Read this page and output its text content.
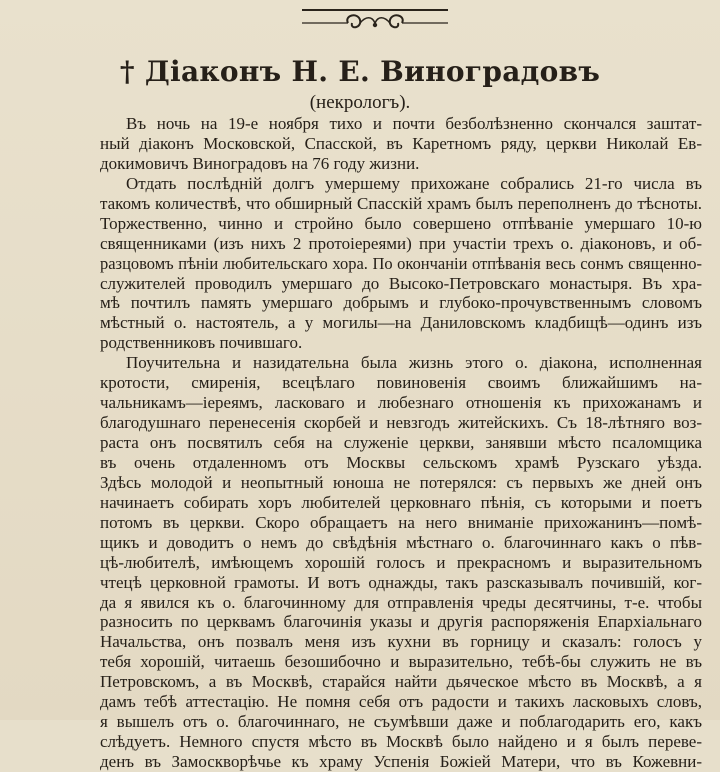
† Діаконъ Н. Е. Виноградовъ
(некрологъ).
Въ ночь на 19-е ноября тихо и почти безболѣзненно скончался заштат-
ный діаконъ Московской, Спасской, въ Каретномъ ряду, церкви Николай Ев-
докимовичъ Виноградовъ на 76 году жизни.
Отдать послѣдній долгъ умершему прихожане собрались 21-го числа въ
такомъ количествѣ, что обширный Спасскій храмъ былъ переполненъ до тѣсноты.
Торжественно, чинно и стройно было совершено отпѣваніе умершаго 10-ю
священниками (изъ нихъ 2 протоіереями) при участіи трехъ о. діаконовъ, и об-
разцовомъ пѣніи любительскаго хора. По окончаніи отпѣванія весь сонмъ священно-
служителей проводилъ умершаго до Высоко-Петровскаго монастыря. Въ хра-
мѣ почтилъ память умершаго добрымъ и глубоко-прочувственнымъ словомъ
мѣстный о. настоятель, а у могилы—на Даниловскомъ кладбищѣ—одинъ изъ
родственниковъ почившаго.
Поучительна и назидательна была жизнь этого о. діакона, исполненная
кротости, смиренія, всецѣлаго повиновенія своимъ ближайшимъ на-
чальникамъ—іереямъ, ласковаго и любезнаго отношенія къ прихожанамъ и
благодушнаго перенесенія скорбей и невзгодъ житейскихъ. Съ 18-лѣтняго воз-
раста онъ посвятилъ себя на служеніе церкви, занявши мѣсто псаломщика
въ очень отдаленномъ отъ Москвы сельскомъ храмѣ Рузскаго уѣзда.
Здѣсь молодой и неопытный юноша не потерялся: съ первыхъ же дней онъ
начинаетъ собирать хоръ любителей церковнаго пѣнія, съ которыми и поетъ
потомъ въ церкви. Скоро обращаетъ на него вниманіе прихожанинъ—помѣ-
щикъ и доводитъ о немъ до свѣдѣнія мѣстнаго о. благочиннаго какъ о пѣв-
цѣ-любителѣ, имѣющемъ хорошій голосъ и прекрасномъ и выразительномъ
чтецѣ церковной грамоты. И вотъ однажды, такъ разсказывалъ почившій, ког-
да я явился къ о. благочинному для отправленія чреды десятчины, т-е. чтобы
разносить по церквамъ благочинія указы и другія распоряженія Епархіальнаго
Начальства, онъ позвалъ меня изъ кухни въ горницу и сказалъ: голосъ у
тебя хорошій, читаешь безошибочно и выразительно, тебѣ-бы служить не въ
Петровскомъ, а въ Москвѣ, старайся найти дьяческое мѣсто въ Москвѣ, а я
дамъ тебѣ аттестацію. Не помня себя отъ радости и такихъ ласковыхъ словъ,
я вышелъ отъ о. благочиннаго, не съумѣвши даже и поблагодарить его, какъ
слѣдуетъ. Немного спустя мѣсто въ Москвѣ было найдено и я былъ переве-
денъ въ Замоскворѣчье къ храму Успенія Божіей Матери, что въ Кожевни-
